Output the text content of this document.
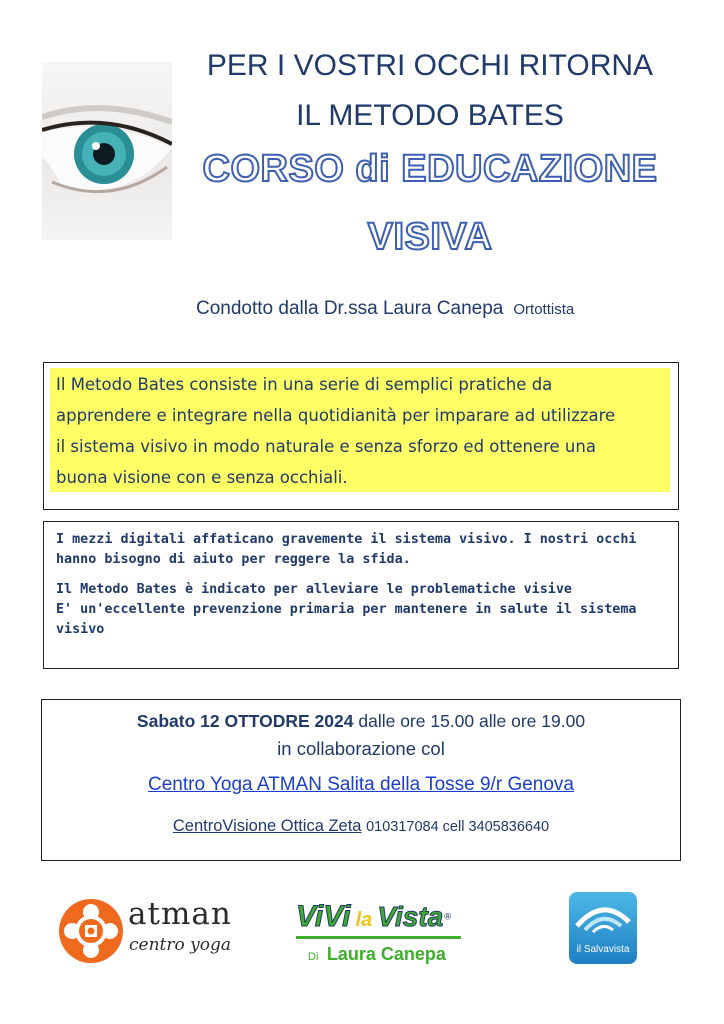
PER I VOSTRI OCCHI RITORNA
IL METODO BATES
CORSO di EDUCAZIONE
VISIVA
Condotto dalla Dr.ssa Laura Canepa Ortottista
Il Metodo Bates consiste in una serie di semplici pratiche da
apprendere e integrare nella quotidianità per imparare ad utilizzare
il sistema visivo in modo naturale e senza sforzo ed ottenere una
buona visione con e senza occhiali.

I mezzi digitali affaticano gravemente il sistema visivo. I nostri occhi hanno bisogno di aiuto per reggere la sfida.

Il Metodo Bates è indicato per alleviare le problematiche visive

E' un'eccellente prevenzione primaria per mantenere in salute il sistema visivo

Sabato 12 OTTODRE 2024 dalle ore 15.00 alle ore 19.00
in collaborazione col
Centro Yoga ATMAN Salita della Tosse 9/r Genova
CentroVisione Ottica Zeta 010317084 cell 3405836640
atman
centro yoga
ViVi la Vista®
Di Laura Canepa	il Salvavista
